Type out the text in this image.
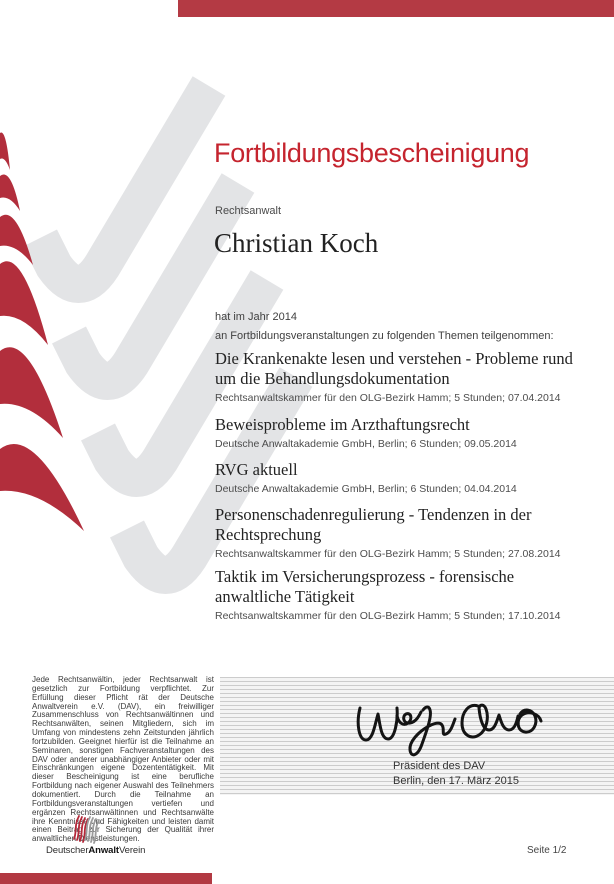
Fortbildungsbescheinigung
Rechtsanwalt
Christian Koch
hat im Jahr 2014
an Fortbildungsveranstaltungen zu folgenden Themen teilgenommen:
Die Krankenakte lesen und verstehen - Probleme rund
um die Behandlungsdokumentation
Rechtsanwaltskammer für den OLG-Bezirk Hamm; 5 Stunden; 07.04.2014
Beweisprobleme im Arzthaftungsrecht
Deutsche Anwaltakademie GmbH, Berlin; 6 Stunden; 09.05.2014
RVG aktuell
Deutsche Anwaltakademie GmbH, Berlin; 6 Stunden; 04.04.2014
Personenschadenregulierung - Tendenzen in der
Rechtsprechung
Rechtsanwaltskammer für den OLG-Bezirk Hamm; 5 Stunden; 27.08.2014
Taktik im Versicherungsprozess - forensische
anwaltliche Tätigkeit
Rechtsanwaltskammer für den OLG-Bezirk Hamm; 5 Stunden; 17.10.2014
Jede Rechtsanwältin, jeder Rechtsanwalt ist gesetzlich zur Fortbildung verpflichtet. Zur Erfüllung dieser Pflicht rät der Deutsche Anwaltverein e.V. (DAV), ein freiwilliger Zusammenschluss von Rechtsanwältinnen und Rechtsanwälten, seinen Mitgliedern, sich im Umfang von mindestens zehn Zeitstunden jährlich fortzubilden. Geeignet hierfür ist die Teilnahme an Seminaren, sonstigen Fachveranstaltungen des DAV oder anderer unabhängiger Anbieter oder mit Einschränkungen eigene Dozententätigkeit. Mit dieser Bescheinigung ist eine berufliche Fortbildung nach eigener Auswahl des Teilnehmers dokumentiert. Durch die Teilnahme an Fortbildungsveranstaltungen vertiefen und ergänzen Rechtsanwältinnen und Rechtsanwälte ihre Kenntnisse und Fähigkeiten und leisten damit einen Beitrag zur Sicherung der Qualität ihrer anwaltlichen Dienstleistungen.
Präsident des DAV
Berlin, den 17. März 2015
DeutscherAnwaltVerein	Seite 1/2
